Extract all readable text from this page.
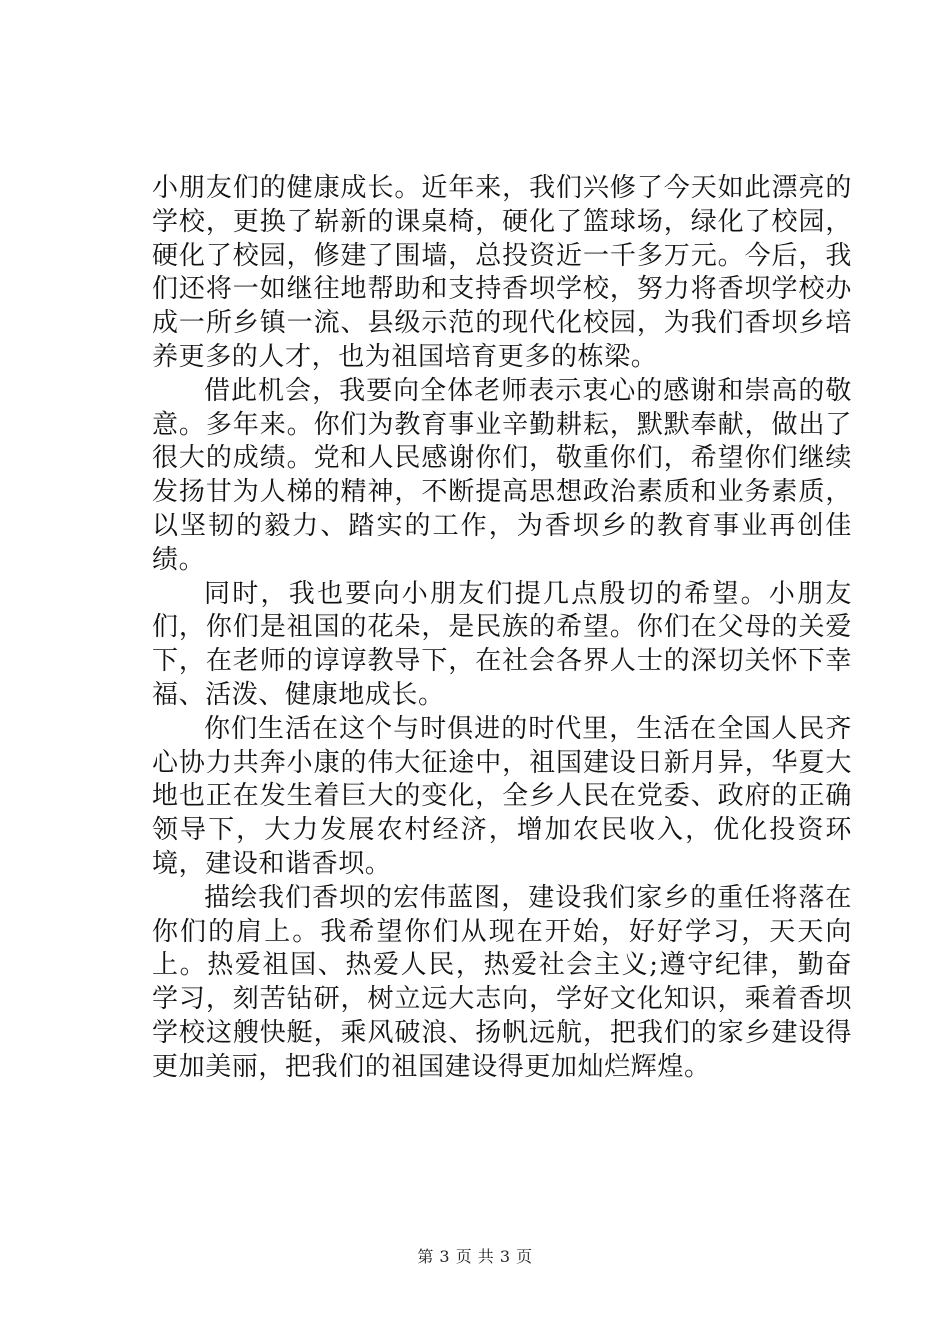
小朋友们的健康成长。近年来，我们兴修了今天如此漂亮的学校，更换了崭新的课桌椅，硬化了篮球场，绿化了校园，硬化了校园，修建了围墙，总投资近一千多万元。今后，我们还将一如继往地帮助和支持香坝学校，努力将香坝学校办成一所乡镇一流、县级示范的现代化校园，为我们香坝乡培养更多的人才，也为祖国培育更多的栋梁。

借此机会，我要向全体老师表示衷心的感谢和崇高的敬意。多年来。你们为教育事业辛勤耕耘，默默奉献，做出了很大的成绩。党和人民感谢你们，敬重你们，希望你们继续发扬甘为人梯的精神，不断提高思想政治素质和业务素质，以坚韧的毅力、踏实的工作，为香坝乡的教育事业再创佳绩。

同时，我也要向小朋友们提几点殷切的希望。小朋友们，你们是祖国的花朵，是民族的希望。你们在父母的关爱下，在老师的谆谆教导下，在社会各界人士的深切关怀下幸福、活泼、健康地成长。

你们生活在这个与时俱进的时代里，生活在全国人民齐心协力共奔小康的伟大征途中，祖国建设日新月异，华夏大地也正在发生着巨大的变化，全乡人民在党委、政府的正确领导下，大力发展农村经济，增加农民收入，优化投资环境，建设和谐香坝。

描绘我们香坝的宏伟蓝图，建设我们家乡的重任将落在你们的肩上。我希望你们从现在开始，好好学习，天天向上。热爱祖国、热爱人民，热爱社会主义;遵守纪律，勤奋学习，刻苦钻研，树立远大志向，学好文化知识，乘着香坝学校这艘快艇，乘风破浪、扬帆远航，把我们的家乡建设得更加美丽，把我们的祖国建设得更加灿烂辉煌。

第 3 页 共 3 页
